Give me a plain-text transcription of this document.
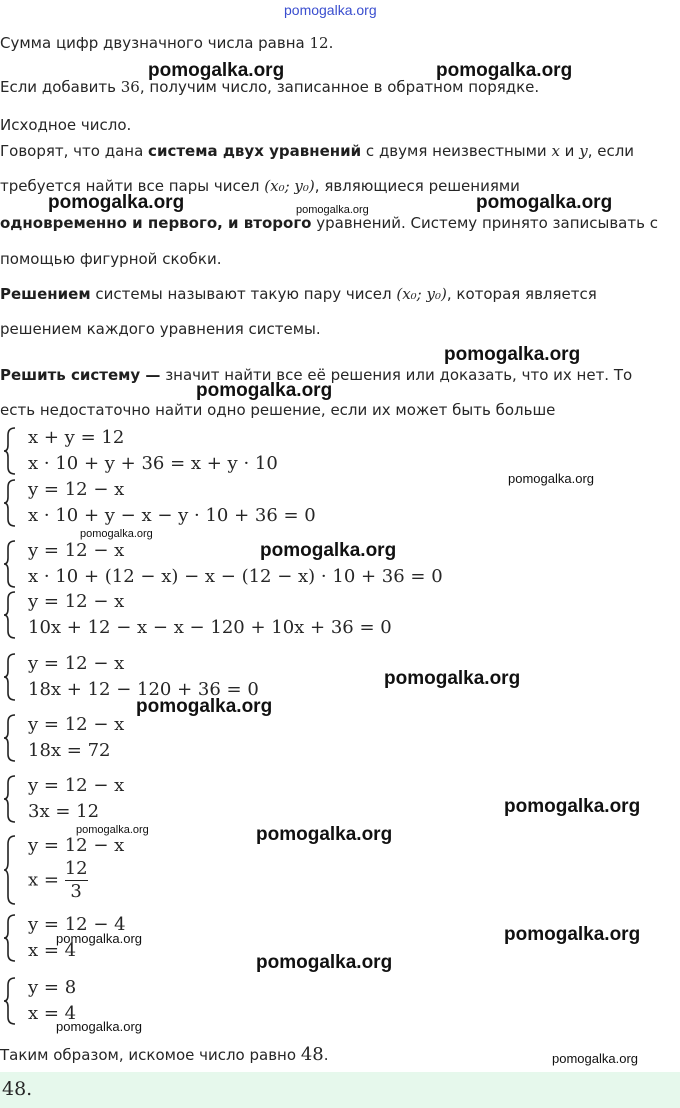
pomogalka.org
Сумма цифр двузначного числа равна 12.
Если добавить 36, получим число, записанное в обратном порядке.
Исходное число.
Говорят, что дана система двух уравнений с двумя неизвестными x и y, если
требуется найти все пары чисел (x₀; y₀), являющиеся решениями
одновременно и первого, и второго уравнений. Систему принято записывать с
помощью фигурной скобки.
Решением системы называют такую пару чисел (x₀; y₀), которая является
решением каждого уравнения системы.
Решить систему — значит найти все её решения или доказать, что их нет. То
есть недостаточно найти одно решение, если их может быть больше
x + y = 12
x · 10 + y + 36 = x + y · 10
y = 12 − x
x · 10 + y − x − y · 10 + 36 = 0
y = 12 − x
x · 10 + (12 − x) − x − (12 − x) · 10 + 36 = 0
y = 12 − x
10x + 12 − x − x − 120 + 10x + 36 = 0
y = 12 − x
18x + 12 − 120 + 36 = 0
y = 12 − x
18x = 72
y = 12 − x
3x = 12
y = 12 − x
$x = \frac{12}{3}$
y = 12 − 4
x = 4
y = 8
x = 4
Таким образом, искомое число равно 48.
48.
pomogalka.org	pomogalka.org
pomogalka.org	pomogalka.org	pomogalka.org
pomogalka.org
pomogalka.org
pomogalka.org
pomogalka.org
pomogalka.org
pomogalka.org
pomogalka.org
pomogalka.org
pomogalka.org	pomogalka.org
pomogalka.org	pomogalka.org
pomogalka.org
pomogalka.org
pomogalka.org
